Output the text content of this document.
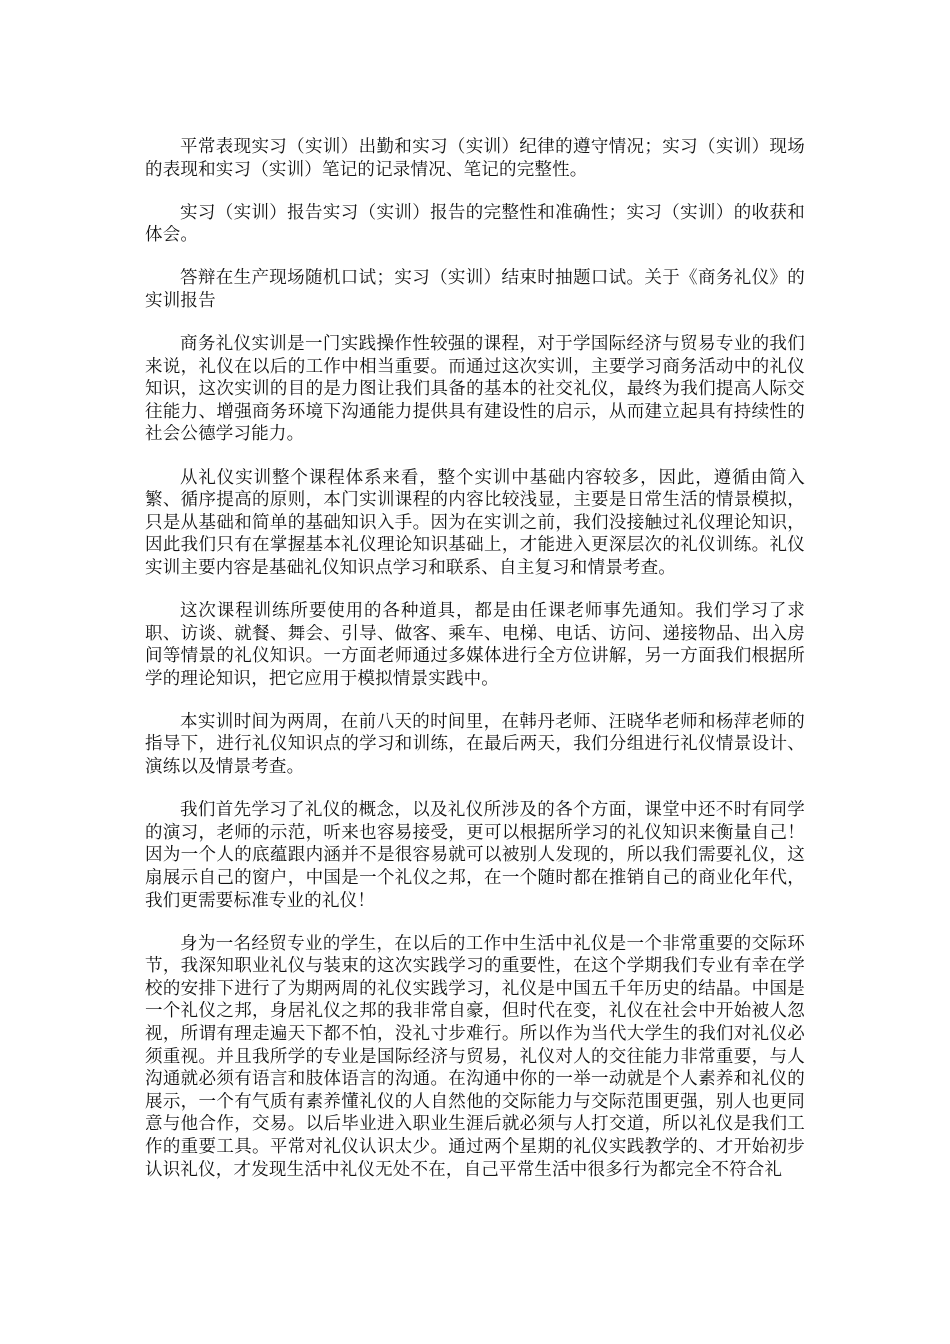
平常表现实习（实训）出勤和实习（实训）纪律的遵守情况；实习（实训）现场的表现和实习（实训）笔记的记录情况、笔记的完整性。

实习（实训）报告实习（实训）报告的完整性和准确性；实习（实训）的收获和体会。

答辩在生产现场随机口试；实习（实训）结束时抽题口试。关于《商务礼仪》的实训报告

商务礼仪实训是一门实践操作性较强的课程，对于学国际经济与贸易专业的我们来说，礼仪在以后的工作中相当重要。而通过这次实训，主要学习商务活动中的礼仪知识，这次实训的目的是力图让我们具备的基本的社交礼仪，最终为我们提高人际交往能力、增强商务环境下沟通能力提供具有建设性的启示，从而建立起具有持续性的社会公德学习能力。

从礼仪实训整个课程体系来看，整个实训中基础内容较多，因此，遵循由简入繁、循序提高的原则，本门实训课程的内容比较浅显，主要是日常生活的情景模拟，只是从基础和简单的基础知识入手。因为在实训之前，我们没接触过礼仪理论知识，因此我们只有在掌握基本礼仪理论知识基础上，才能进入更深层次的礼仪训练。礼仪实训主要内容是基础礼仪知识点学习和联系、自主复习和情景考查。

这次课程训练所要使用的各种道具，都是由任课老师事先通知。我们学习了求职、访谈、就餐、舞会、引导、做客、乘车、电梯、电话、访问、递接物品、出入房间等情景的礼仪知识。一方面老师通过多媒体进行全方位讲解，另一方面我们根据所学的理论知识，把它应用于模拟情景实践中。

本实训时间为两周，在前八天的时间里，在韩丹老师、汪晓华老师和杨萍老师的指导下，进行礼仪知识点的学习和训练，在最后两天，我们分组进行礼仪情景设计、演练以及情景考查。

我们首先学习了礼仪的概念，以及礼仪所涉及的各个方面，课堂中还不时有同学的演习，老师的示范，听来也容易接受，更可以根据所学习的礼仪知识来衡量自己！因为一个人的底蕴跟内涵并不是很容易就可以被别人发现的，所以我们需要礼仪，这扇展示自己的窗户，中国是一个礼仪之邦，在一个随时都在推销自己的商业化年代，我们更需要标准专业的礼仪！

身为一名经贸专业的学生，在以后的工作中生活中礼仪是一个非常重要的交际环节，我深知职业礼仪与装束的这次实践学习的重要性，在这个学期我们专业有幸在学校的安排下进行了为期两周的礼仪实践学习，礼仪是中国五千年历史的结晶。中国是一个礼仪之邦，身居礼仪之邦的我非常自豪，但时代在变，礼仪在社会中开始被人忽视，所谓有理走遍天下都不怕，没礼寸步难行。所以作为当代大学生的我们对礼仪必须重视。并且我所学的专业是国际经济与贸易，礼仪对人的交往能力非常重要，与人沟通就必须有语言和肢体语言的沟通。在沟通中你的一举一动就是个人素养和礼仪的展示，一个有气质有素养懂礼仪的人自然他的交际能力与交际范围更强，别人也更同意与他合作，交易。以后毕业进入职业生涯后就必须与人打交道，所以礼仪是我们工作的重要工具。平常对礼仪认识太少。通过两个星期的礼仪实践教学的、才开始初步认识礼仪，才发现生活中礼仪无处不在，自己平常生活中很多行为都完全不符合礼
